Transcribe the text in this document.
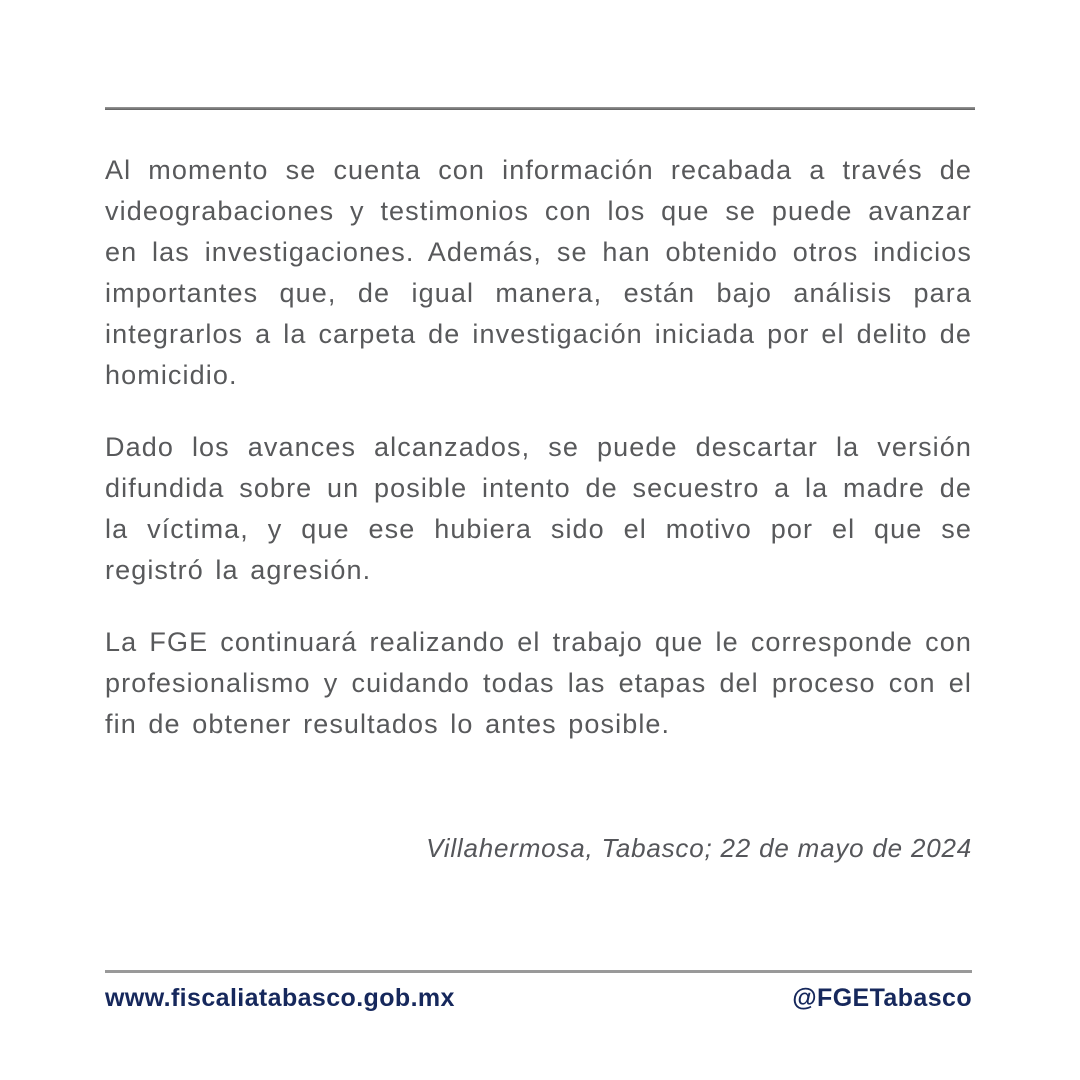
Al momento se cuenta con información recabada a través de videograbaciones y testimonios con los que se puede avanzar en las investigaciones. Además, se han obtenido otros indicios importantes que, de igual manera, están bajo análisis para integrarlos a la carpeta de investigación iniciada por el delito de homicidio.

Dado los avances alcanzados, se puede descartar la versión difundida sobre un posible intento de secuestro a la madre de la víctima, y que ese hubiera sido el motivo por el que se registró la agresión.

La FGE continuará realizando el trabajo que le corresponde con profesionalismo y cuidando todas las etapas del proceso con el fin de obtener resultados lo antes posible.

Villahermosa, Tabasco; 22 de mayo de 2024
www.fiscaliatabasco.gob.mx	@FGETabasco
